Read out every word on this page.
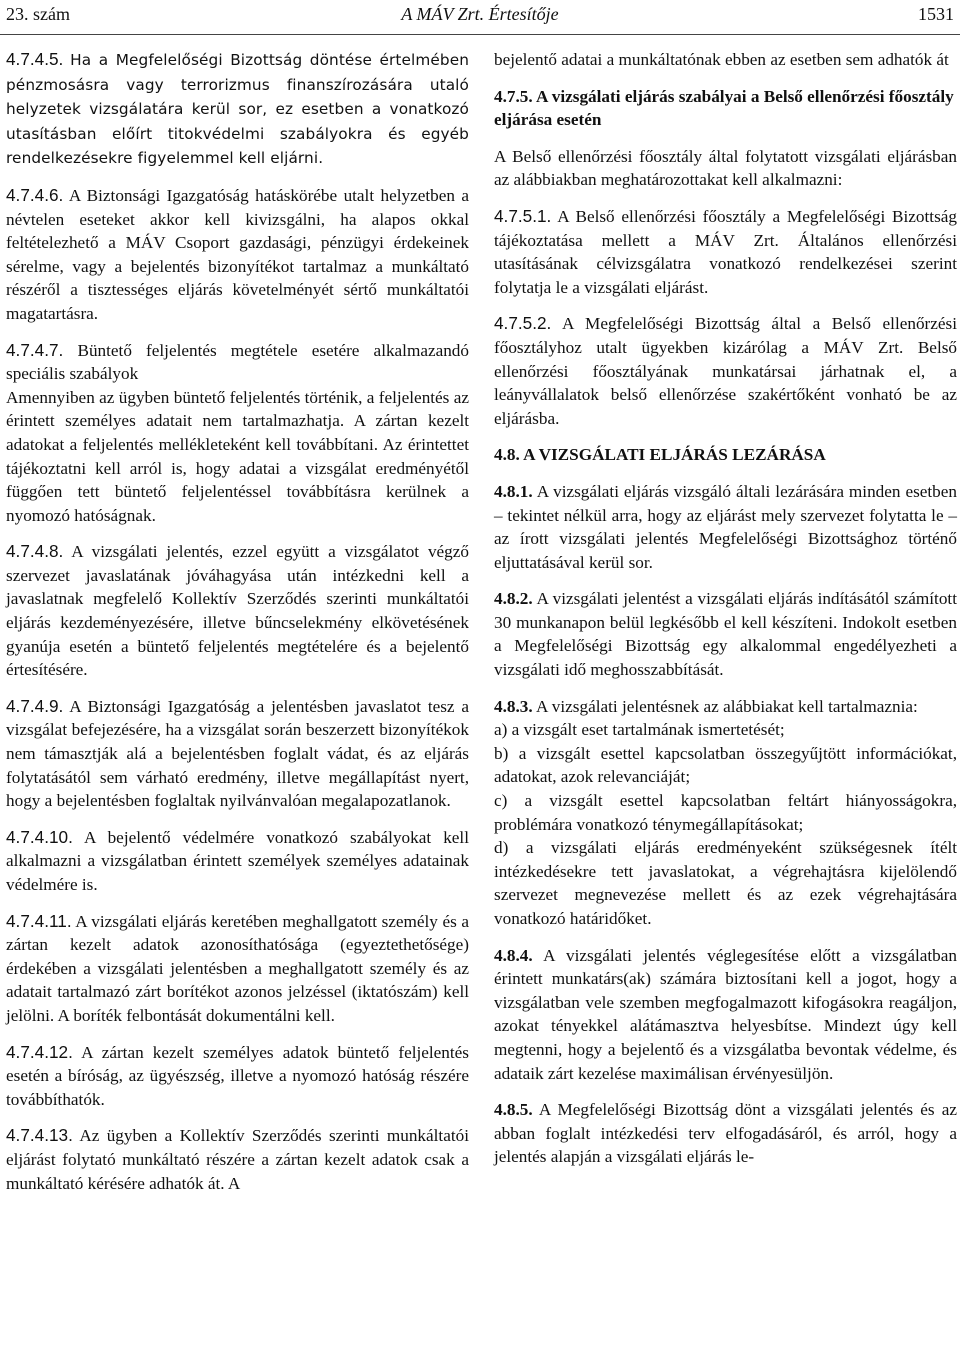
23. szám	A MÁV Zrt. Értesítője	1531

4.7.4.5. Ha a Megfelelőségi Bizottság döntése értelmében pénzmosásra vagy terrorizmus finanszírozására utaló helyzetek vizsgálatára kerül sor, ez esetben a vonatkozó utasításban előírt titokvédelmi szabályokra és egyéb rendelkezésekre figyelemmel kell eljárni.

4.7.4.6. A Biztonsági Igazgatóság hatáskörébe utalt helyzetben a névtelen eseteket akkor kell kivizsgálni, ha alapos okkal feltételezhető a MÁV Csoport gazdasági, pénzügyi érdekeinek sérelme, vagy a bejelentés bizonyítékot tartalmaz a munkáltató részéről a tisztességes eljárás követelményét sértő munkáltatói magatartásra.

4.7.4.7. Büntető feljelentés megtétele esetére alkalmazandó speciális szabályok
Amennyiben az ügyben büntető feljelentés történik, a feljelentés az érintett személyes adatait nem tartalmazhatja. A zártan kezelt adatokat a feljelentés mellékleteként kell továbbítani. Az érintettet tájékoztatni kell arról is, hogy adatai a vizsgálat eredményétől függően tett büntető feljelentéssel továbbításra kerülnek a nyomozó hatóságnak.

4.7.4.8. A vizsgálati jelentés, ezzel együtt a vizsgálatot végző szervezet javaslatának jóváhagyása után intézkedni kell a javaslatnak megfelelő Kollektív Szerződés szerinti munkáltatói eljárás kezdeményezésére, illetve bűncselekmény elkövetésének gyanúja esetén a büntető feljelentés megtételére és a bejelentő értesítésére.

4.7.4.9. A Biztonsági Igazgatóság a jelentésben javaslatot tesz a vizsgálat befejezésére, ha a vizsgálat során beszerzett bizonyítékok nem támasztják alá a bejelentésben foglalt vádat, és az eljárás folytatásától sem várható eredmény, illetve megállapítást nyert, hogy a bejelentésben foglaltak nyilvánvalóan megalapozatlanok.

4.7.4.10. A bejelentő védelmére vonatkozó szabályokat kell alkalmazni a vizsgálatban érintett személyek személyes adatainak védelmére is.

4.7.4.11. A vizsgálati eljárás keretében meghallgatott személy és a zártan kezelt adatok azonosíthatósága (egyeztethetősége) érdekében a vizsgálati jelentésben a meghallgatott személy és az adatait tartalmazó zárt borítékot azonos jelzéssel (iktatószám) kell jelölni. A boríték felbontását dokumentálni kell.

4.7.4.12. A zártan kezelt személyes adatok büntető feljelentés esetén a bíróság, az ügyészség, illetve a nyomozó hatóság részére továbbíthatók.

4.7.4.13. Az ügyben a Kollektív Szerződés szerinti munkáltatói eljárást folytató munkáltató részére a zártan kezelt adatok csak a munkáltató kérésére adhatók át. A

bejelentő adatai a munkáltatónak ebben az esetben sem adhatók át

4.7.5. A vizsgálati eljárás szabályai a Belső ellenőrzési főosztály eljárása esetén

A Belső ellenőrzési főosztály által folytatott vizsgálati eljárásban az alábbiakban meghatározottakat kell alkalmazni:

4.7.5.1. A Belső ellenőrzési főosztály a Megfelelőségi Bizottság tájékoztatása mellett a MÁV Zrt. Általános ellenőrzési utasításának célvizsgálatra vonatkozó rendelkezései szerint folytatja le a vizsgálati eljárást.

4.7.5.2. A Megfelelőségi Bizottság által a Belső ellenőrzési főosztályhoz utalt ügyekben kizárólag a MÁV Zrt. Belső ellenőrzési főosztályának munkatársai járhatnak el, a leányvállalatok belső ellenőrzése szakértőként vonható be az eljárásba.

4.8. A VIZSGÁLATI ELJÁRÁS LEZÁRÁSA

4.8.1. A vizsgálati eljárás vizsgáló általi lezárására minden esetben – tekintet nélkül arra, hogy az eljárást mely szervezet folytatta le – az írott vizsgálati jelentés Megfelelőségi Bizottsághoz történő eljuttatásával kerül sor.

4.8.2. A vizsgálati jelentést a vizsgálati eljárás indításától számított 30 munkanapon belül legkésőbb el kell készíteni. Indokolt esetben a Megfelelőségi Bizottság egy alkalommal engedélyezheti a vizsgálati idő meghosszabbítását.

4.8.3. A vizsgálati jelentésnek az alábbiakat kell tartalmaznia:

a) a vizsgált eset tartalmának ismertetését;

b) a vizsgált esettel kapcsolatban összegyűjtött információkat, adatokat, azok relevanciáját;

c) a vizsgált esettel kapcsolatban feltárt hiányosságokra, problémára vonatkozó ténymegállapításokat;

d) a vizsgálati eljárás eredményeként szükségesnek ítélt intézkedésekre tett javaslatokat, a végrehajtásra kijelölendő szervezet megnevezése mellett és az ezek végrehajtására vonatkozó határidőket.

4.8.4. A vizsgálati jelentés véglegesítése előtt a vizsgálatban érintett munkatárs(ak) számára biztosítani kell a jogot, hogy a vizsgálatban vele szemben megfogalmazott kifogásokra reagáljon, azokat tényekkel alátámasztva helyesbítse. Mindezt úgy kell megtenni, hogy a bejelentő és a vizsgálatba bevontak védelme, és adataik zárt kezelése maximálisan érvényesüljön.

4.8.5. A Megfelelőségi Bizottság dönt a vizsgálati jelentés és az abban foglalt intézkedési terv elfogadásáról, és arról, hogy a jelentés alapján a vizsgálati eljárás le-
